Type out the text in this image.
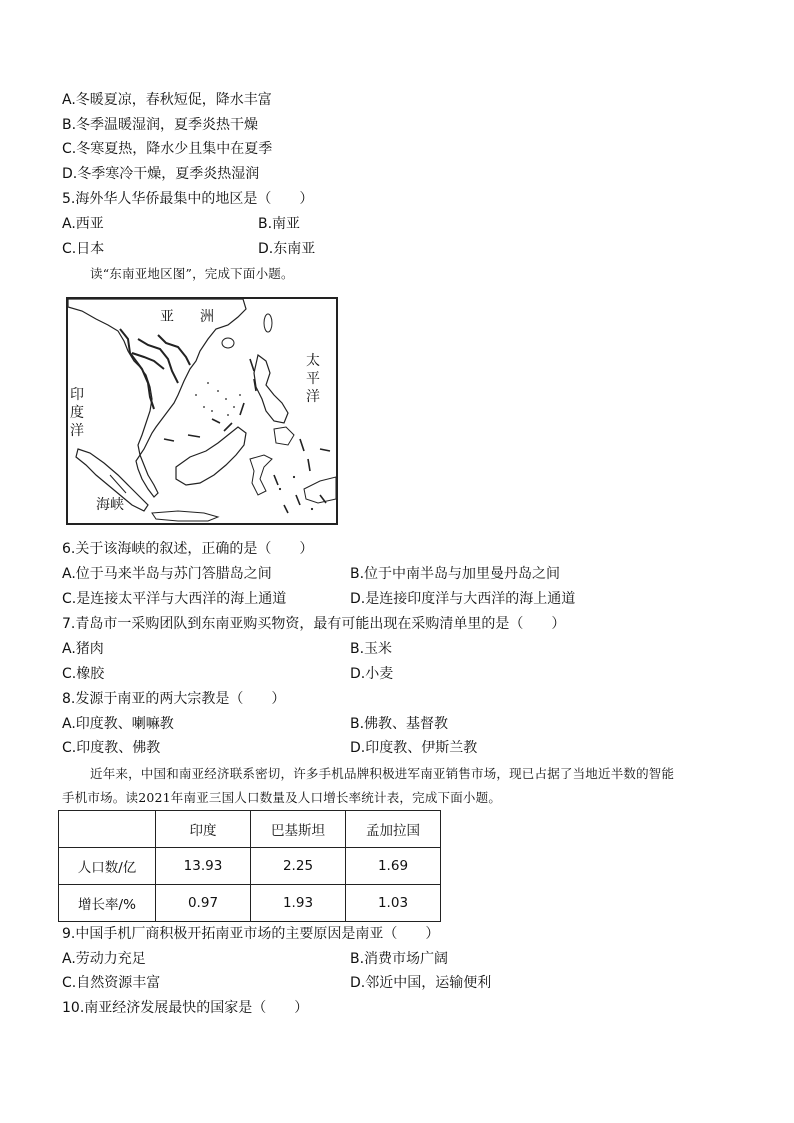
A.冬暖夏凉，春秋短促，降水丰富
B.冬季温暖湿润，夏季炎热干燥
C.冬寒夏热，降水少且集中在夏季
D.冬季寒冷干燥，夏季炎热湿润
5.海外华人华侨最集中的地区是（　　）
A.西亚	B.南亚
C.日本	D.东南亚
读“东南亚地区图”，完成下面小题。
亚 洲
太
平
洋
印
度
洋
海峡
6.关于该海峡的叙述，正确的是（　　）
A.位于马来半岛与苏门答腊岛之间	B.位于中南半岛与加里曼丹岛之间
C.是连接太平洋与大西洋的海上通道	D.是连接印度洋与大西洋的海上通道
7.青岛市一采购团队到东南亚购买物资，最有可能出现在采购清单里的是（　　）
A.猪肉	B.玉米
C.橡胶	D.小麦
8.发源于南亚的两大宗教是（　　）
A.印度教、喇嘛教	B.佛教、基督教
C.印度教、佛教	D.印度教、伊斯兰教
近年来，中国和南亚经济联系密切，许多手机品牌积极进军南亚销售市场，现已占据了当地近半数的智能
手机市场。读2021年南亚三国人口数量及人口增长率统计表，完成下面小题。
	印度	巴基斯坦	孟加拉国
人口数/亿	13.93	2.25	1.69
增长率/%	0.97	1.93	1.03
9.中国手机厂商积极开拓南亚市场的主要原因是南亚（　　）
A.劳动力充足	B.消费市场广阔
C.自然资源丰富	D.邻近中国，运输便利
10.南亚经济发展最快的国家是（　　）
